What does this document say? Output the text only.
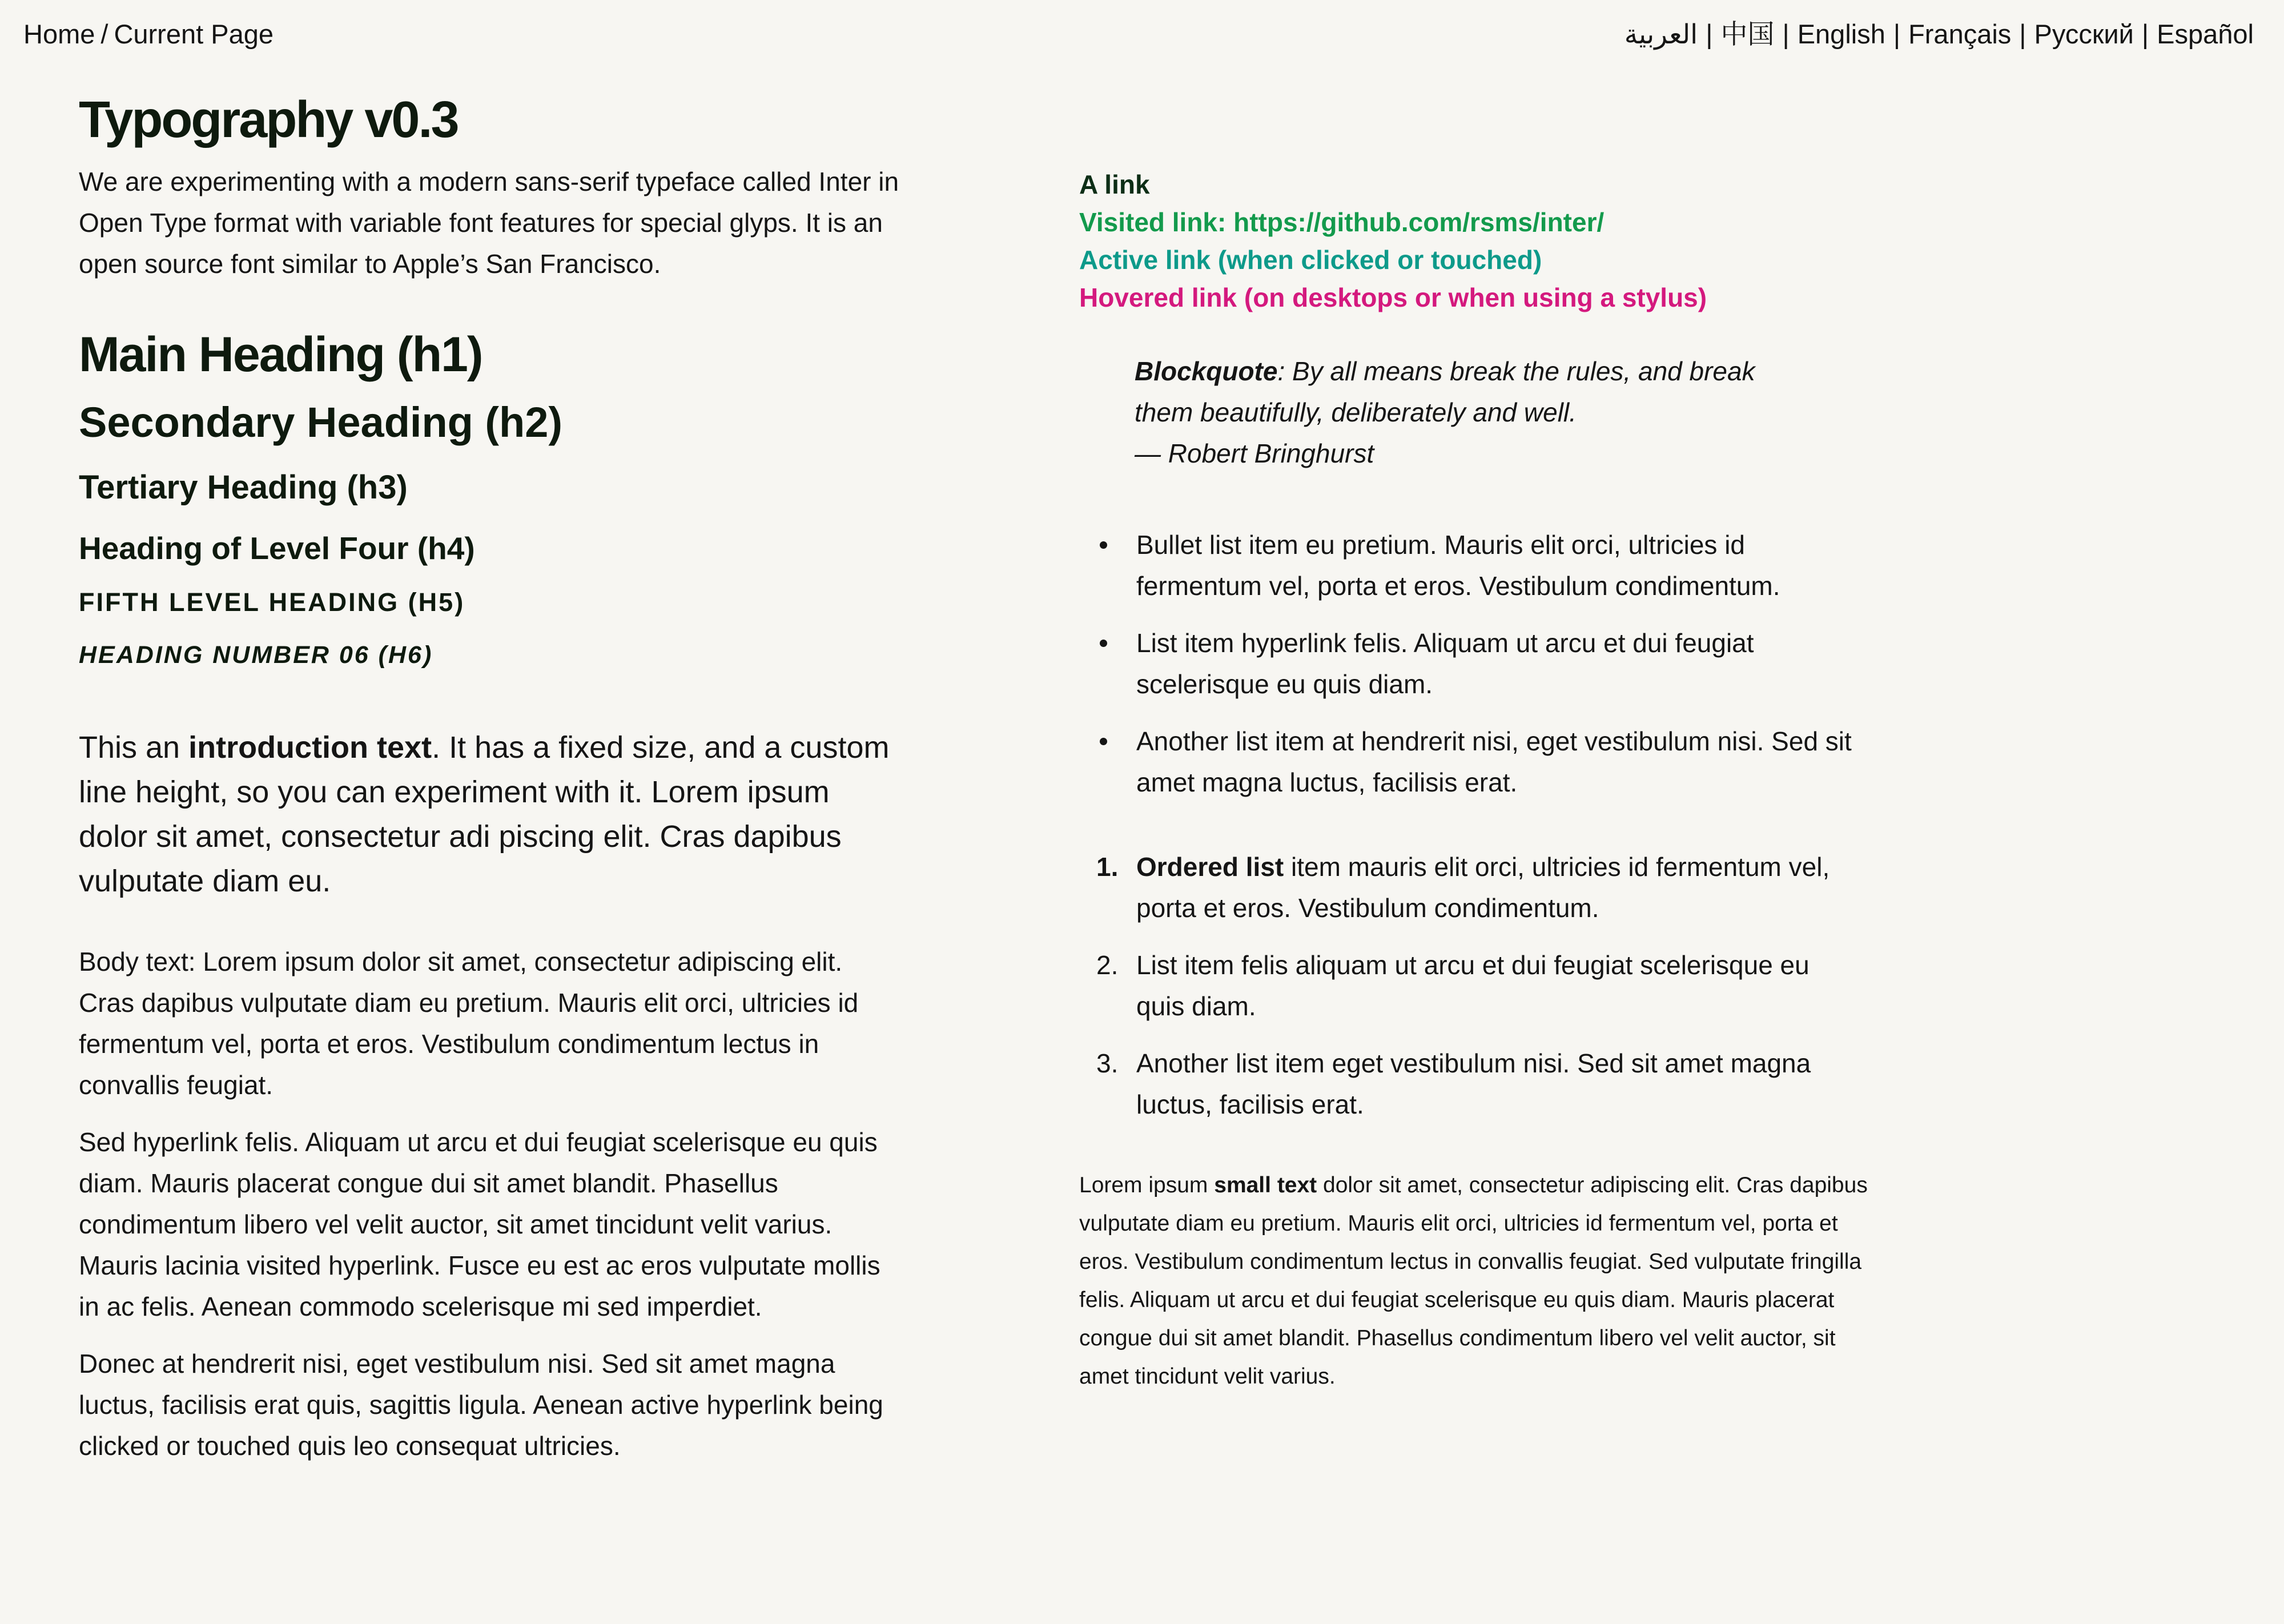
Home / Current Page	العربية | 中国 | English | Français | Русский | Español
Typography v0.3

We are experimenting with a modern sans-serif typeface called Inter in Open Type format with variable font features for special glyps. It is an open source font similar to Apple’s San Francisco.

Main Heading (h1)
Secondary Heading (h2)
Tertiary Heading (h3)
Heading of Level Four (h4)
FIFTH LEVEL HEADING (H5)
HEADING NUMBER 06 (H6)

This an introduction text. It has a fixed size, and a custom line height, so you can experiment with it. Lorem ipsum dolor sit amet, consectetur adi piscing elit. Cras dapibus vulputate diam eu.

Body text: Lorem ipsum dolor sit amet, consectetur adipiscing elit. Cras dapibus vulputate diam eu pretium. Mauris elit orci, ultricies id fermentum vel, porta et eros. Vestibulum condimentum lectus in convallis feugiat.

Sed hyperlink felis. Aliquam ut arcu et dui feugiat scelerisque eu quis diam. Mauris placerat congue dui sit amet blandit. Phasellus condimentum libero vel velit auctor, sit amet tincidunt velit varius. Mauris lacinia visited hyperlink. Fusce eu est ac eros vulputate mollis in ac felis. Aenean commodo scelerisque mi sed imperdiet.

Donec at hendrerit nisi, eget vestibulum nisi. Sed sit amet magna luctus, facilisis erat quis, sagittis ligula. Aenean active hyperlink being clicked or touched quis leo consequat ultricies.

A link
Visited link: https://github.com/rsms/inter/
Active link (when clicked or touched)
Hovered link (on desktops or when using a stylus)
Blockquote: By all means break the rules, and break them beautifully, deliberately and well.
— Robert Bringhurst
Bullet list item eu pretium. Mauris elit orci, ultricies id fermentum vel, porta et eros. Vestibulum condimentum.
List item hyperlink felis. Aliquam ut arcu et dui feugiat scelerisque eu quis diam.
Another list item at hendrerit nisi, eget vestibulum nisi. Sed sit amet magna luctus, facilisis erat.
1. Ordered list item mauris elit orci, ultricies id fermentum vel, porta et eros. Vestibulum condimentum.
2. List item felis aliquam ut arcu et dui feugiat scelerisque eu quis diam.
3. Another list item eget vestibulum nisi. Sed sit amet magna luctus, facilisis erat.

Lorem ipsum small text dolor sit amet, consectetur adipiscing elit. Cras dapibus vulputate diam eu pretium. Mauris elit orci, ultricies id fermentum vel, porta et eros. Vestibulum condimentum lectus in convallis feugiat. Sed vulputate fringilla felis. Aliquam ut arcu et dui feugiat scelerisque eu quis diam. Mauris placerat congue dui sit amet blandit. Phasellus condimentum libero vel velit auctor, sit amet tincidunt velit varius.
